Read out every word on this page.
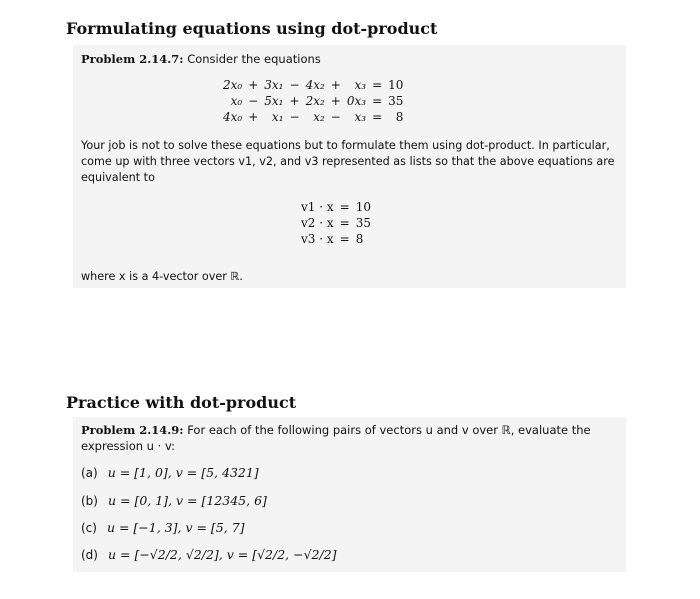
Formulating equations using dot-product
Problem 2.14.7: Consider the equations
2x₀	+	3x₁	−	4x₂	+	x₃	=	10
x₀	−	5x₁	+	2x₂	+	0x₃	=	35
4x₀	+	x₁	−	x₂	−	x₃	=	8
Your job is not to solve these equations but to formulate them using dot-product. In particular,
come up with three vectors v1, v2, and v3 represented as lists so that the above equations are
equivalent to
v1 · x	=	10
v2 · x	=	35
v3 · x	=	8
where x is a 4-vector over ℝ.
Practice with dot-product
Problem 2.14.9: For each of the following pairs of vectors u and v over ℝ, evaluate the
expression u · v:
(a) u = [1, 0], v = [5, 4321]
(b) u = [0, 1], v = [12345, 6]
(c) u = [−1, 3], v = [5, 7]
(d) u = [−√2/2, √2/2], v = [√2/2, −√2/2]
